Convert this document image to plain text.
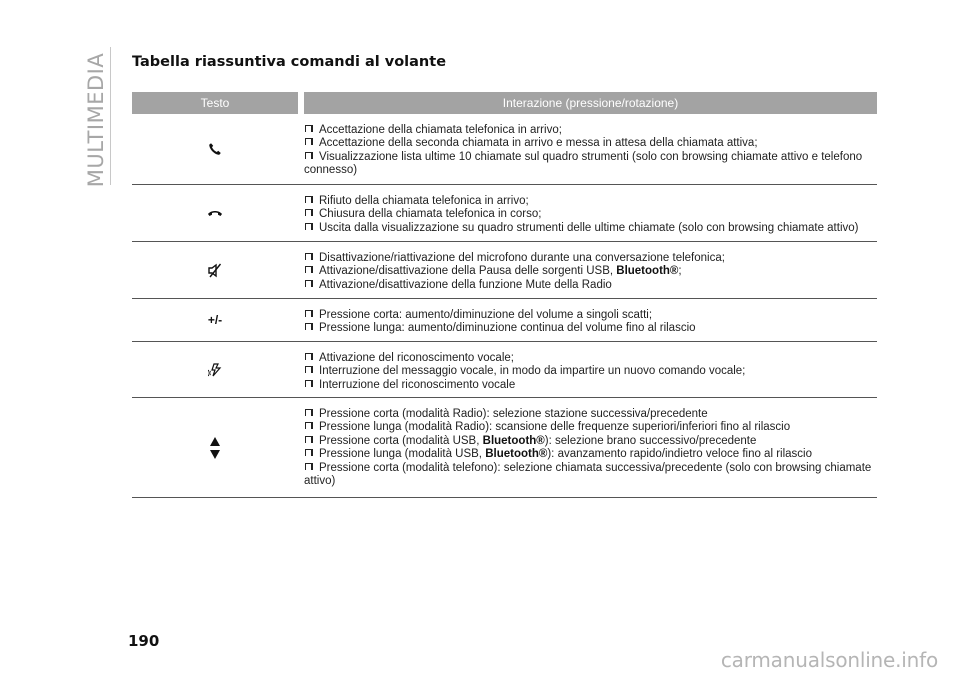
MULTIMEDIA Tabella riassuntiva comandi al volante
Testo	Interazione (pressione/rotazione)
Accettazione della chiamata telefonica in arrivo;
Accettazione della seconda chiamata in arrivo e messa in attesa della chiamata attiva;
Visualizzazione lista ultime 10 chiamate sul quadro strumenti (solo con browsing chiamate attivo e telefono connesso)
Rifiuto della chiamata telefonica in arrivo;
Chiusura della chiamata telefonica in corso;
Uscita dalla visualizzazione su quadro strumenti delle ultime chiamate (solo con browsing chiamate attivo)
Disattivazione/riattivazione del microfono durante una conversazione telefonica;
Attivazione/disattivazione della Pausa delle sorgenti USB, Bluetooth®;
Attivazione/disattivazione della funzione Mute della Radio
+/-	Pressione corta: aumento/diminuzione del volume a singoli scatti;
Pressione lunga: aumento/diminuzione continua del volume fino al rilascio
Attivazione del riconoscimento vocale;
Interruzione del messaggio vocale, in modo da impartire un nuovo comando vocale;
Interruzione del riconoscimento vocale
Pressione corta (modalità Radio): selezione stazione successiva/precedente
Pressione lunga (modalità Radio): scansione delle frequenze superiori/inferiori fino al rilascio
Pressione corta (modalità USB, Bluetooth®): selezione brano successivo/precedente
Pressione lunga (modalità USB, Bluetooth®): avanzamento rapido/indietro veloce fino al rilascio
Pressione corta (modalità telefono): selezione chiamata successiva/precedente (solo con browsing chiamate attivo)
190
carmanualsonline.info
